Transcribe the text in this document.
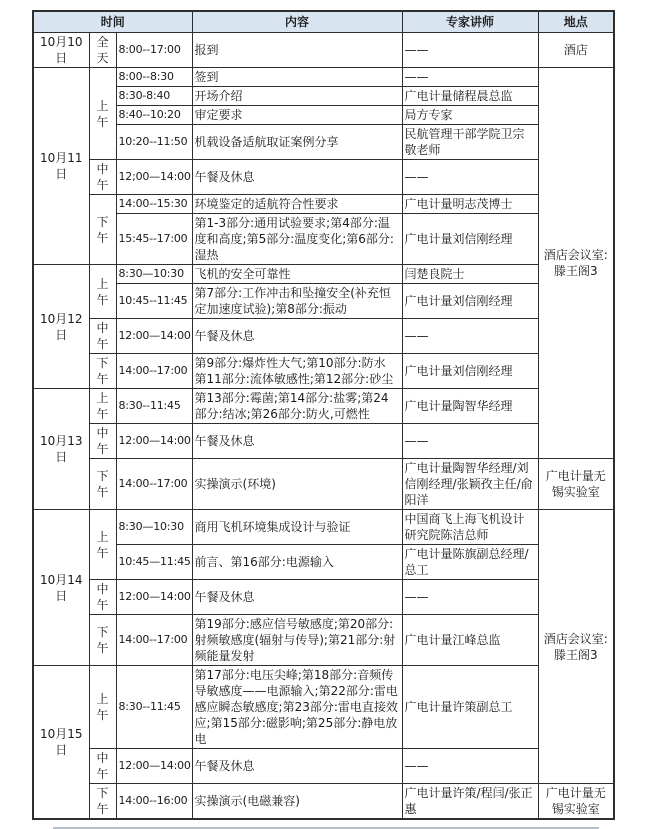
时间			内容	专家讲师	地点
10月10日	全天	8:00--17:00	报到	——	酒店
10月11日	上午	8:00--8:30	签到	——	酒店会议室:滕王阁3
		8:30-8:40	开场介绍	广电计量储程晨总监	
		8:40--10:20	审定要求	局方专家	
		10:20--11:50	机载设备适航取证案例分享	民航管理干部学院卫宗敬老师	
	中午	12;00—14:00	午餐及休息	——	
	下午	14:00--15:30	环境鉴定的适航符合性要求	广电计量明志茂博士	
		15:45--17:00	第1-3部分:通用试验要求;第4部分:温度和高度;第5部分:温度变化;第6部分:湿热	广电计量刘信刚经理	
10月12日	上午	8:30—10:30	飞机的安全可靠性	闫楚良院士	
		10:45--11:45	第7部分:工作冲击和坠撞安全(补充恒定加速度试验);第8部分:振动	广电计量刘信刚经理	
	中午	12:00—14:00	午餐及休息	——	
	下午	14:00--17:00	第9部分:爆炸性大气;第10部分:防水 第11部分:流体敏感性;第12部分:砂尘	广电计量刘信刚经理	
10月13日	上午	8:30--11:45	第13部分:霉菌;第14部分:盐雾;第24部分:结冰;第26部分:防火,可燃性	广电计量陶智华经理	
	中午	12:00—14:00	午餐及休息	——	
	下午	14:00--17:00	实操演示(环境)	广电计量陶智华经理/刘信刚经理/张颖孜主任/俞阳洋	广电计量无锡实验室
10月14日	上午	8:30—10:30	商用飞机环境集成设计与验证	中国商飞上海飞机设计研究院陈洁总师	酒店会议室:滕王阁3
		10:45—11:45	前言、第16部分:电源输入	广电计量陈旗副总经理/总工	
	中午	12:00—14:00	午餐及休息	——	
	下午	14:00--17:00	第19部分:感应信号敏感度;第20部分:射频敏感度(辐射与传导);第21部分:射频能量发射	广电计量江峰总监	
10月15日	上午	8:30--11:45	第17部分:电压尖峰;第18部分:音频传导敏感度——电源输入;第22部分:雷电感应瞬态敏感度;第23部分:雷电直接效应;第15部分:磁影响;第25部分:静电放电	广电计量许策副总工	
	中午	12:00—14:00	午餐及休息	——	
	下午	14:00--16:00	实操演示(电磁兼容)	广电计量许策/程闫/张正惠	广电计量无锡实验室
